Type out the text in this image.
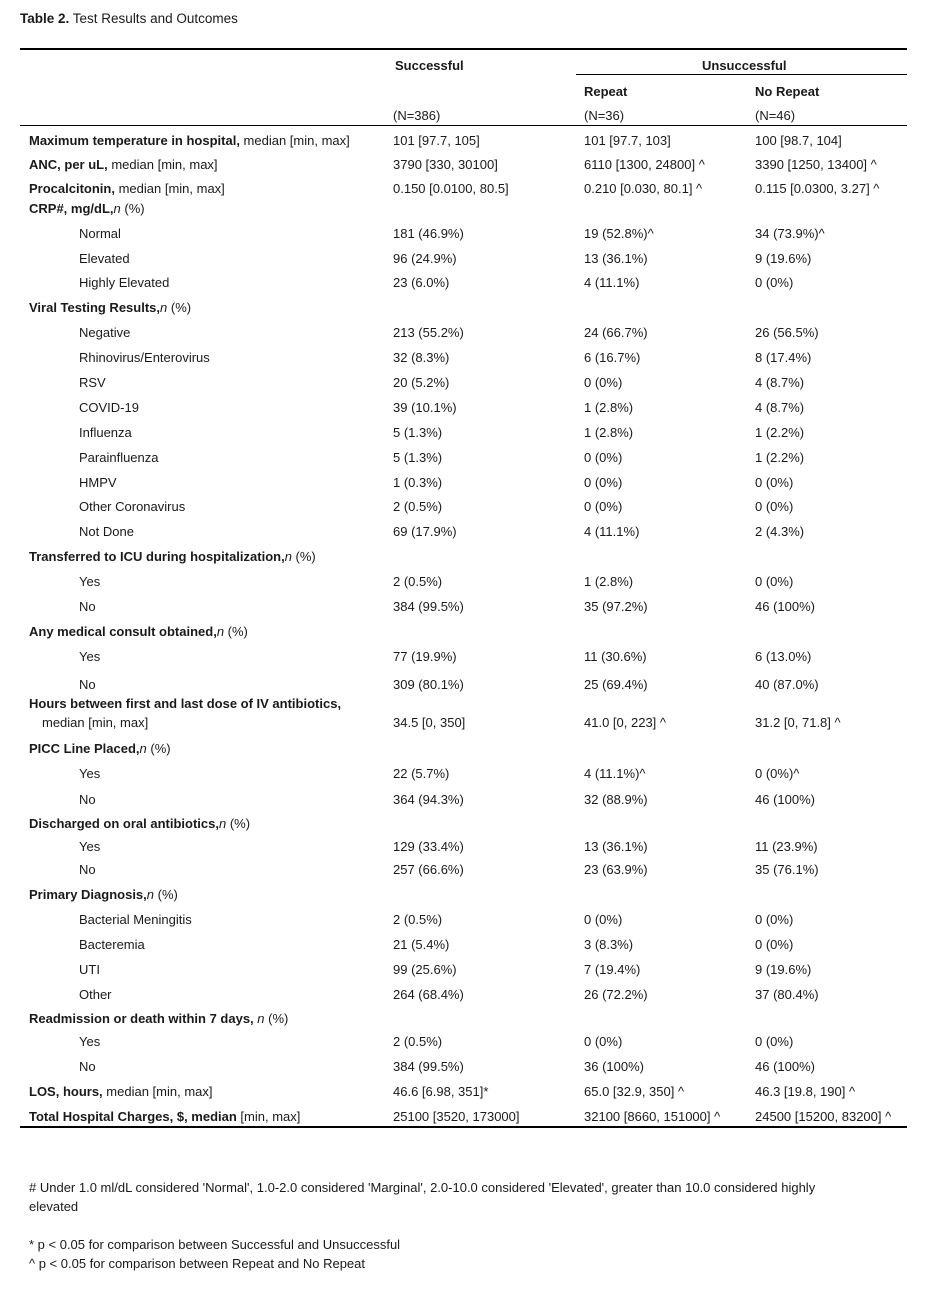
Table 2. Test Results and Outcomes
Successful	Unsuccessful
Repeat	No Repeat
(N=386)	(N=36)	(N=46)
Maximum temperature in hospital, median [min, max]	101 [97.7, 105]	101 [97.7, 103]	100 [98.7, 104]
ANC, per uL, median [min, max]	3790 [330, 30100]	6110 [1300, 24800] ^	3390 [1250, 13400] ^
Procalcitonin, median [min, max]	0.150 [0.0100, 80.5]	0.210 [0.030, 80.1] ^	0.115 [0.0300, 3.27] ^
CRP#, mg/dL,n (%)
Normal	181 (46.9%)	19 (52.8%)^	34 (73.9%)^
Elevated	96 (24.9%)	13 (36.1%)	9 (19.6%)
Highly Elevated	23 (6.0%)	4 (11.1%)	0 (0%)
Viral Testing Results,n (%)
Negative	213 (55.2%)	24 (66.7%)	26 (56.5%)
Rhinovirus/Enterovirus	32 (8.3%)	6 (16.7%)	8 (17.4%)
RSV	20 (5.2%)	0 (0%)	4 (8.7%)
COVID-19	39 (10.1%)	1 (2.8%)	4 (8.7%)
Influenza	5 (1.3%)	1 (2.8%)	1 (2.2%)
Parainfluenza	5 (1.3%)	0 (0%)	1 (2.2%)
HMPV	1 (0.3%)	0 (0%)	0 (0%)
Other Coronavirus	2 (0.5%)	0 (0%)	0 (0%)
Not Done	69 (17.9%)	4 (11.1%)	2 (4.3%)
Transferred to ICU during hospitalization,n (%)
Yes	2 (0.5%)	1 (2.8%)	0 (0%)
No	384 (99.5%)	35 (97.2%)	46 (100%)
Any medical consult obtained,n (%)
Yes	77 (19.9%)	11 (30.6%)	6 (13.0%)
No	309 (80.1%)	25 (69.4%)	40 (87.0%)
Hours between first and last dose of IV antibiotics,
median [min, max]	34.5 [0, 350]	41.0 [0, 223] ^	31.2 [0, 71.8] ^
PICC Line Placed,n (%)
Yes	22 (5.7%)	4 (11.1%)^	0 (0%)^
No	364 (94.3%)	32 (88.9%)	46 (100%)
Discharged on oral antibiotics,n (%)
Yes	129 (33.4%)	13 (36.1%)	11 (23.9%)
No	257 (66.6%)	23 (63.9%)	35 (76.1%)
Primary Diagnosis,n (%)
Bacterial Meningitis	2 (0.5%)	0 (0%)	0 (0%)
Bacteremia	21 (5.4%)	3 (8.3%)	0 (0%)
UTI	99 (25.6%)	7 (19.4%)	9 (19.6%)
Other	264 (68.4%)	26 (72.2%)	37 (80.4%)
Readmission or death within 7 days, n (%)
Yes	2 (0.5%)	0 (0%)	0 (0%)
No	384 (99.5%)	36 (100%)	46 (100%)
LOS, hours, median [min, max]	46.6 [6.98, 351]*	65.0 [32.9, 350] ^	46.3 [19.8, 190] ^
Total Hospital Charges, $, median [min, max]	25100 [3520, 173000]	32100 [8660, 151000] ^	24500 [15200, 83200] ^
# Under 1.0 ml/dL considered 'Normal', 1.0-2.0 considered 'Marginal', 2.0-10.0 considered 'Elevated', greater than 10.0 considered highly elevated
* p < 0.05 for comparison between Successful and Unsuccessful
^ p < 0.05 for comparison between Repeat and No Repeat
